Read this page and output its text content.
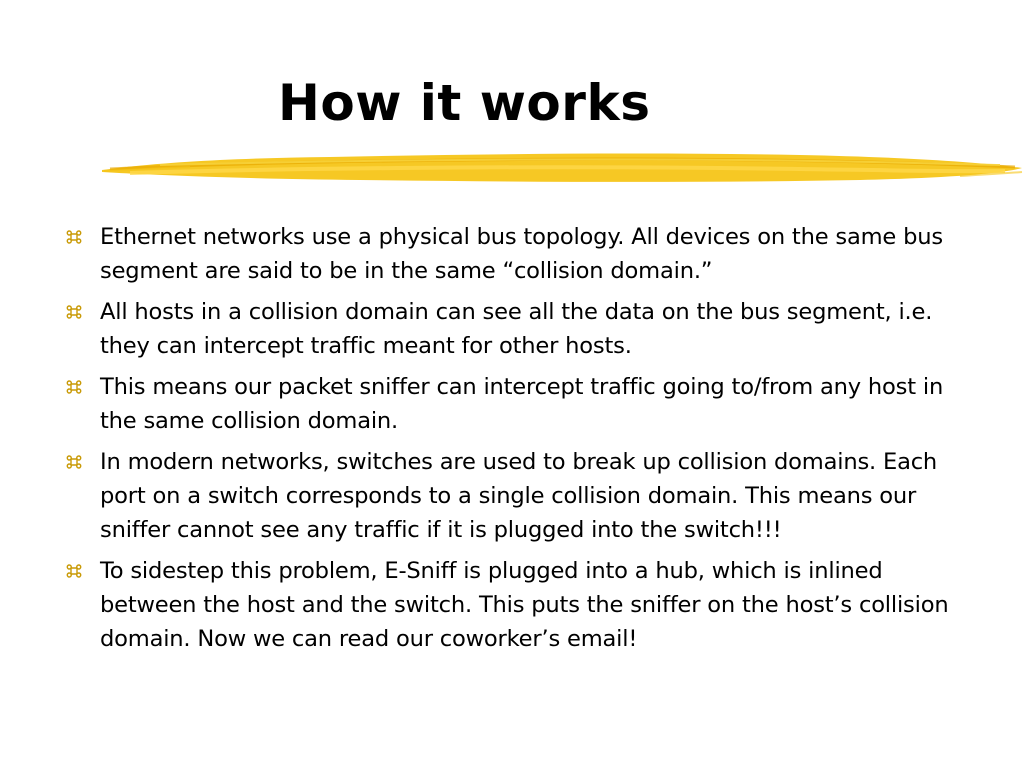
How it works
Ethernet networks use a physical bus topology. All devices on the same bus segment are said to be in the same “collision domain.”
All hosts in a collision domain can see all the data on the bus segment, i.e. they can intercept traffic meant for other hosts.
This means our packet sniffer can intercept traffic going to/from any host in the same collision domain.
In modern networks, switches are used to break up collision domains. Each port on a switch corresponds to a single collision domain. This means our sniffer cannot see any traffic if it is plugged into the switch!!!
To sidestep this problem, E-Sniff is plugged into a hub, which is inlined between the host and the switch. This puts the sniffer on the host’s collision domain. Now we can read our coworker’s email!
